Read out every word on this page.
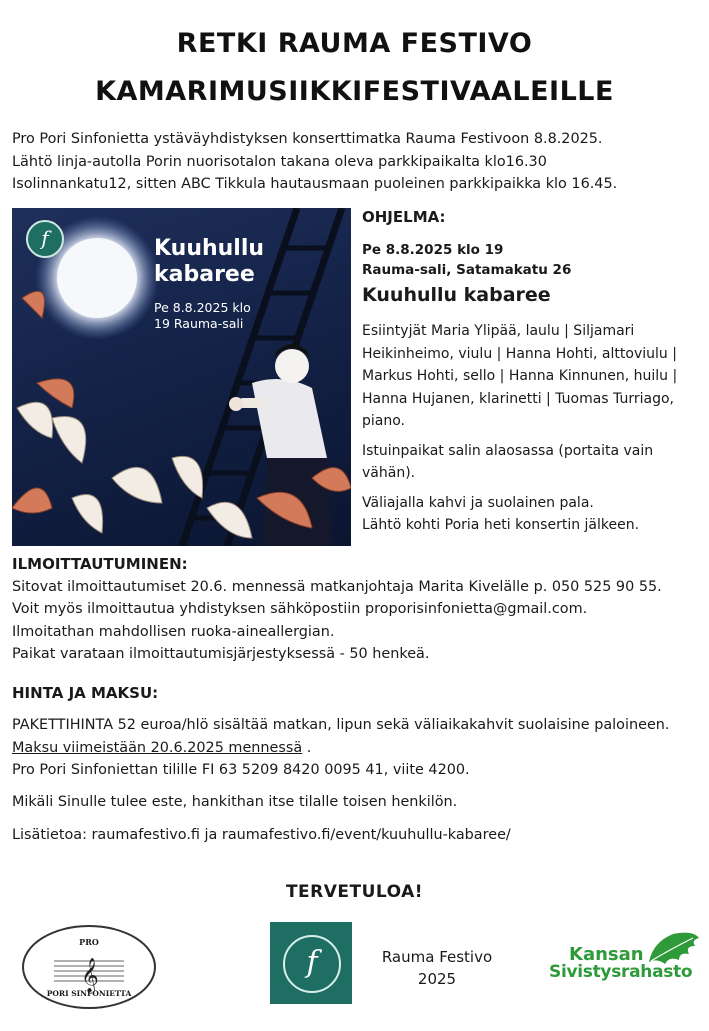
RETKI RAUMA FESTIVO
KAMARIMUSIIKKIFESTIVAALEILLE
Pro Pori Sinfonietta ystäväyhdistyksen konserttimatka Rauma Festivoon 8.8.2025.
Lähtö linja-autolla Porin nuorisotalon takana oleva parkkipaikalta klo16.30
Isolinnankatu12, sitten ABC Tikkula hautausmaan puoleinen parkkipaikka klo 16.45.
f	Kuuhullu
kabaree
Pe 8.8.2025 klo
19 Rauma-sali
OHJELMA:
Pe 8.8.2025 klo 19
Rauma-sali, Satamakatu 26
Kuuhullu kabaree
Esiintyjät Maria Ylipää, laulu | Siljamari
Heikinheimo, viulu | Hanna Hohti, alttoviulu |
Markus Hohti, sello | Hanna Kinnunen, huilu |
Hanna Hujanen, klarinetti | Tuomas Turriago,
piano.
Istuinpaikat salin alaosassa (portaita vain
vähän).
Väliajalla kahvi ja suolainen pala.
Lähtö kohti Poria heti konsertin jälkeen.
ILMOITTAUTUMINEN:
Sitovat ilmoittautumiset 20.6. mennessä matkanjohtaja Marita Kivelälle p. 050 525 90 55.
Voit myös ilmoittautua yhdistyksen sähköpostiin proporisinfonietta@gmail.com.
Ilmoitathan mahdollisen ruoka-aineallergian.
Paikat varataan ilmoittautumisjärjestyksessä - 50 henkeä.
HINTA JA MAKSU:
PAKETTIHINTA 52 euroa/hlö sisältää matkan, lipun sekä väliaikakahvit suolaisine paloineen.
Maksu viimeistään 20.6.2025 mennessä .
Pro Pori Sinfoniettan tilille FI 63 5209 8420 0095 41, viite 4200.
Mikäli Sinulle tulee este, hankithan itse tilalle toisen henkilön.
Lisätietoa: raumafestivo.fi ja raumafestivo.fi/event/kuuhullu-kabaree/
TERVETULOA!
𝄞
PRO
PORI SINFONIETTA
f	Rauma Festivo
2025
Kansan
Sivistysrahasto
